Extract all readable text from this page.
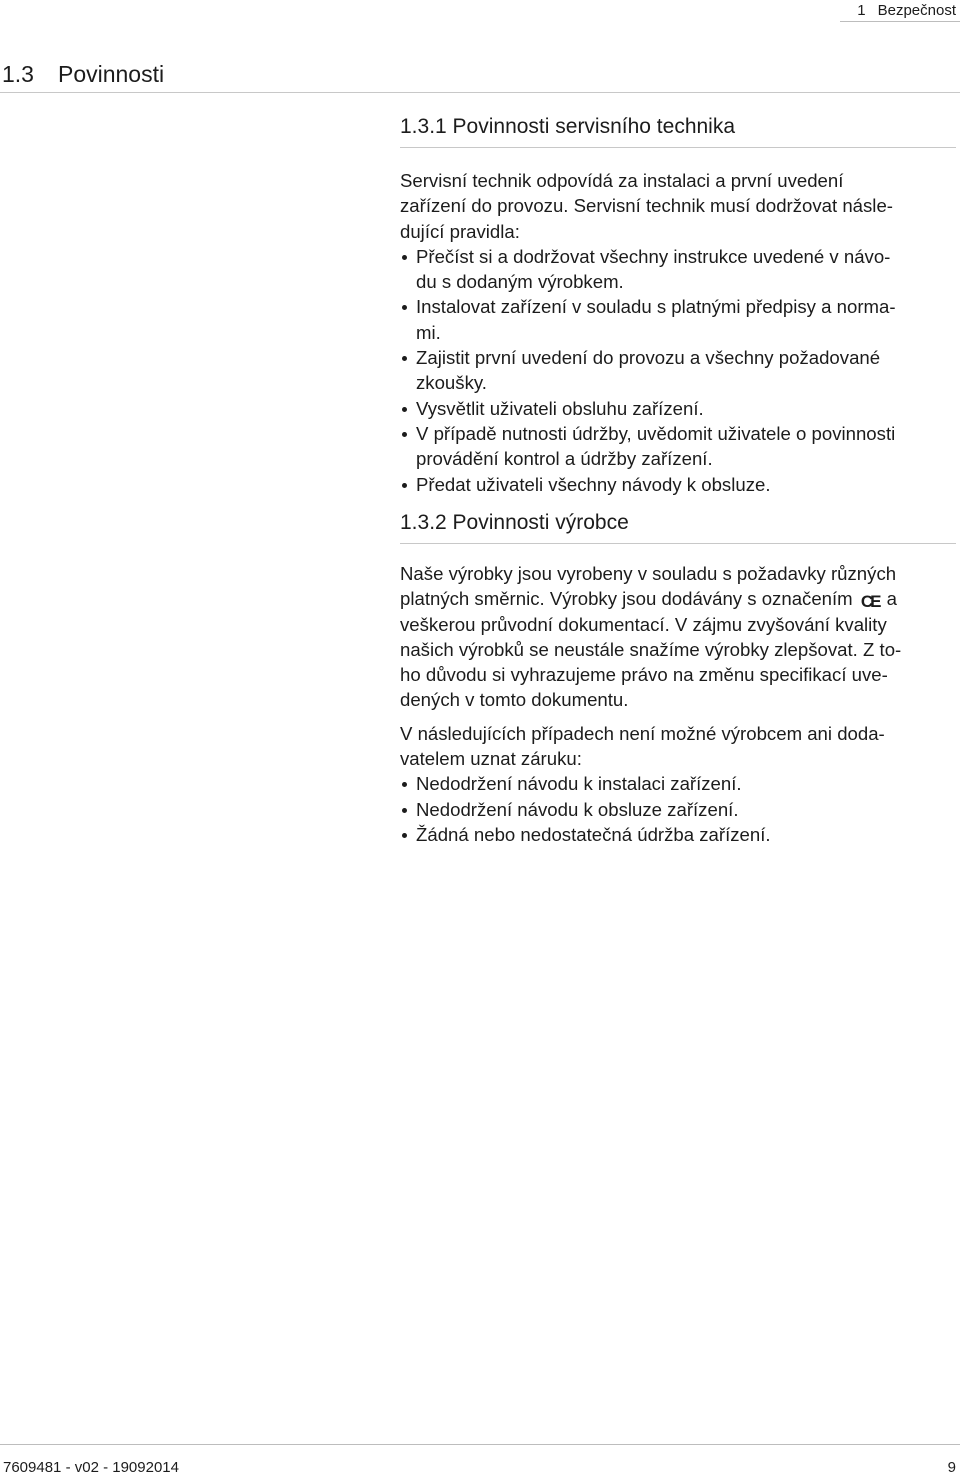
1 Bezpečnost
1.3 Povinnosti
1.3.1 Povinnosti servisního technika

Servisní technik odpovídá za instalaci a první uvedení
zařízení do provozu. Servisní technik musí dodržovat násle-
dující pravidla:

Přečíst si a dodržovat všechny instrukce uvedené v návo-
du s dodaným výrobkem.
Instalovat zařízení v souladu s platnými předpisy a norma-
mi.
Zajistit první uvedení do provozu a všechny požadované
zkoušky.
Vysvětlit uživateli obsluhu zařízení.
V případě nutnosti údržby, uvědomit uživatele o povinnosti
provádění kontrol a údržby zařízení.
Předat uživateli všechny návody k obsluze.
1.3.2 Povinnosti výrobce

Naše výrobky jsou vyrobeny v souladu s požadavky různých
platných směrnic. Výrobky jsou dodávány s označením CE a
veškerou průvodní dokumentací. V zájmu zvyšování kvality
našich výrobků se neustále snažíme výrobky zlepšovat. Z to-
ho důvodu si vyhrazujeme právo na změnu specifikací uve-
dených v tomto dokumentu.

V následujících případech není možné výrobcem ani doda-
vatelem uznat záruku:

Nedodržení návodu k instalaci zařízení.
Nedodržení návodu k obsluze zařízení.
Žádná nebo nedostatečná údržba zařízení.
7609481 - v02 - 19092014	9
